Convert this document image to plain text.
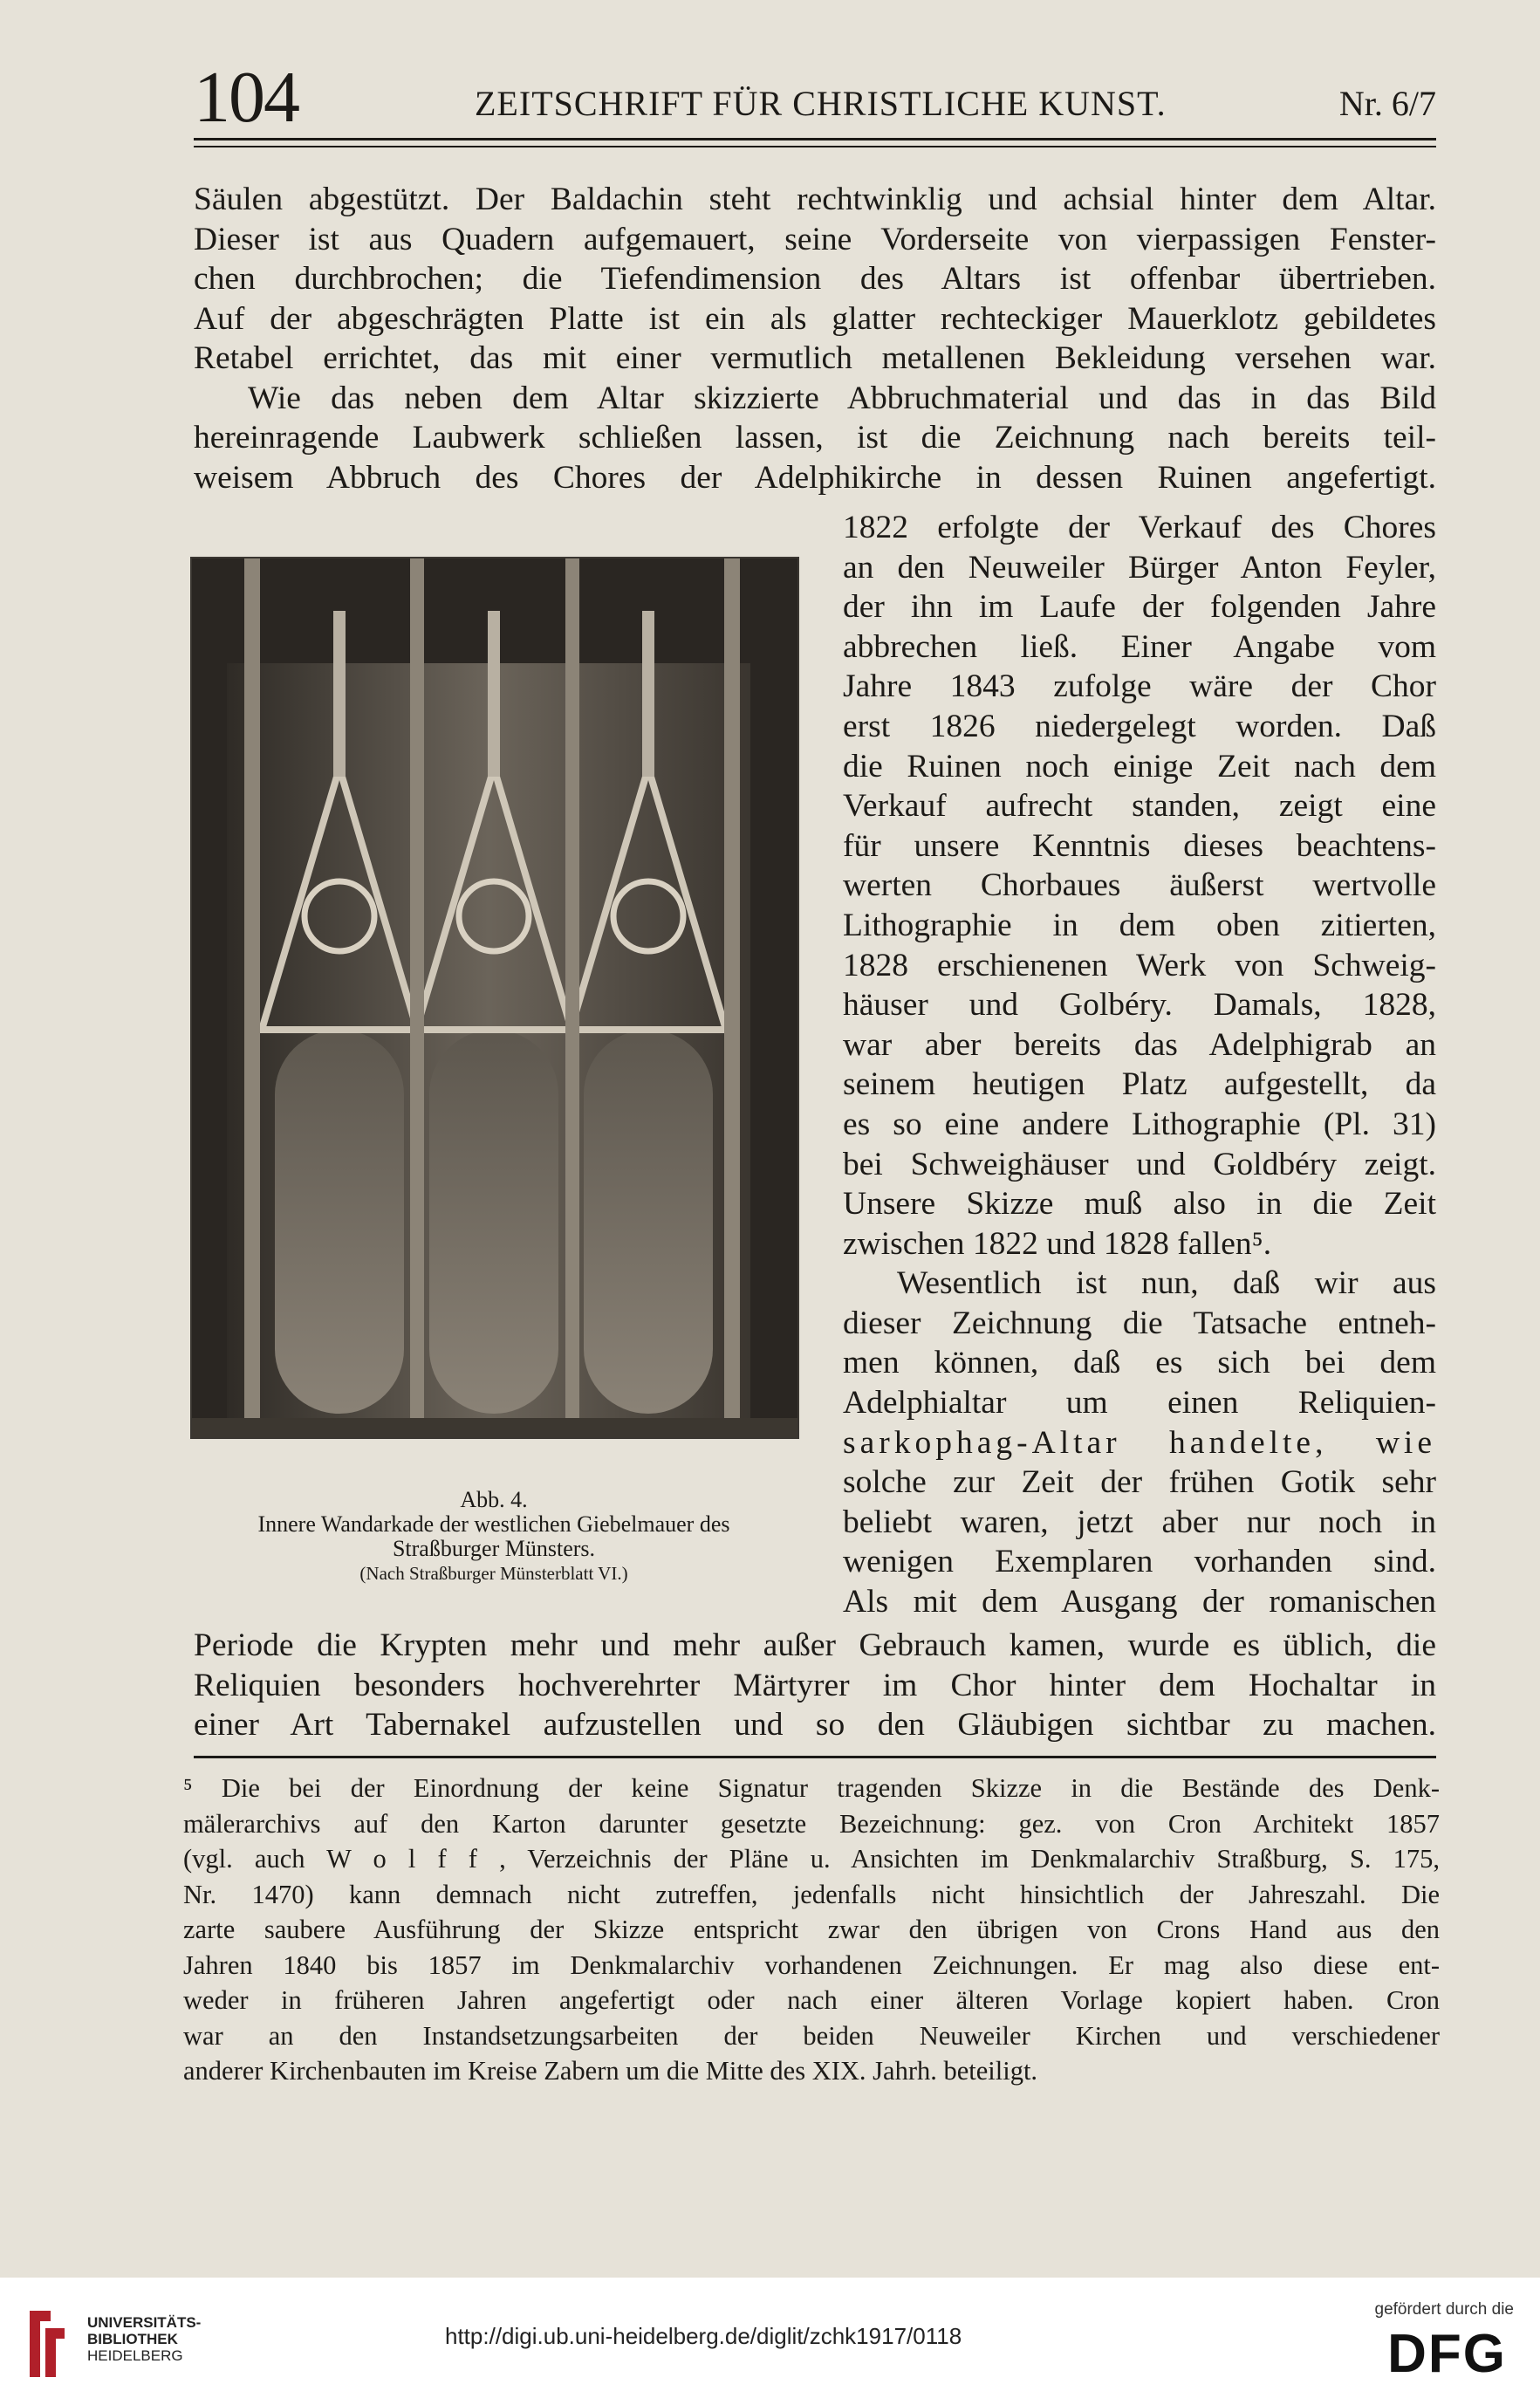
104	ZEITSCHRIFT FÜR CHRISTLICHE KUNST.	Nr. 6/7
Säulen abgestützt. Der Baldachin steht rechtwinklig und achsial hinter dem Altar.
Dieser ist aus Quadern aufgemauert, seine Vorderseite von vierpassigen Fenster-
chen durchbrochen; die Tiefendimension des Altars ist offenbar übertrieben.
Auf der abgeschrägten Platte ist ein als glatter rechteckiger Mauerklotz gebildetes
Retabel errichtet, das mit einer vermutlich metallenen Bekleidung versehen war.
Wie das neben dem Altar skizzierte Abbruchmaterial und das in das Bild
hereinragende Laubwerk schließen lassen, ist die Zeichnung nach bereits teil-
weisem Abbruch des Chores der Adelphikirche in dessen Ruinen angefertigt.
Abb. 4.
Innere Wandarkade der westlichen Giebelmauer des
Straßburger Münsters.
(Nach Straßburger Münsterblatt VI.)
1822 erfolgte der Verkauf des Chores
an den Neuweiler Bürger Anton Feyler,
der ihn im Laufe der folgenden Jahre
abbrechen ließ. Einer Angabe vom
Jahre 1843 zufolge wäre der Chor
erst 1826 niedergelegt worden. Daß
die Ruinen noch einige Zeit nach dem
Verkauf aufrecht standen, zeigt eine
für unsere Kenntnis dieses beachtens-
werten Chorbaues äußerst wertvolle
Lithographie in dem oben zitierten,
1828 erschienenen Werk von Schweig-
häuser und Golbéry. Damals, 1828,
war aber bereits das Adelphigrab an
seinem heutigen Platz aufgestellt, da
es so eine andere Lithographie (Pl. 31)
bei Schweighäuser und Goldbéry zeigt.
Unsere Skizze muß also in die Zeit
zwischen 1822 und 1828 fallen⁵.
Wesentlich ist nun, daß wir aus
dieser Zeichnung die Tatsache entneh-
men können, daß es sich bei dem
Adelphialtar um einen Reliquien-
sarkophag-Altar handelte, wie
solche zur Zeit der frühen Gotik sehr
beliebt waren, jetzt aber nur noch in
wenigen Exemplaren vorhanden sind.
Als mit dem Ausgang der romanischen
Periode die Krypten mehr und mehr außer Gebrauch kamen, wurde es üblich, die
Reliquien besonders hochverehrter Märtyrer im Chor hinter dem Hochaltar in
einer Art Tabernakel aufzustellen und so den Gläubigen sichtbar zu machen.
⁵ Die bei der Einordnung der keine Signatur tragenden Skizze in die Bestände des Denk-
mälerarchivs auf den Karton darunter gesetzte Bezeichnung: gez. von Cron Architekt 1857
(vgl. auch W o l f f , Verzeichnis der Pläne u. Ansichten im Denkmalarchiv Straßburg, S. 175,
Nr. 1470) kann demnach nicht zutreffen, jedenfalls nicht hinsichtlich der Jahreszahl. Die
zarte saubere Ausführung der Skizze entspricht zwar den übrigen von Crons Hand aus den
Jahren 1840 bis 1857 im Denkmalarchiv vorhandenen Zeichnungen. Er mag also diese ent-
weder in früheren Jahren angefertigt oder nach einer älteren Vorlage kopiert haben. Cron
war an den Instandsetzungsarbeiten der beiden Neuweiler Kirchen und verschiedener
anderer Kirchenbauten im Kreise Zabern um die Mitte des XIX. Jahrh. beteiligt.
UNIVERSITÄTS-
BIBLIOTHEK
HEIDELBERG
http://digi.ub.uni-heidelberg.de/diglit/zchk1917/0118
gefördert durch die
DFG
